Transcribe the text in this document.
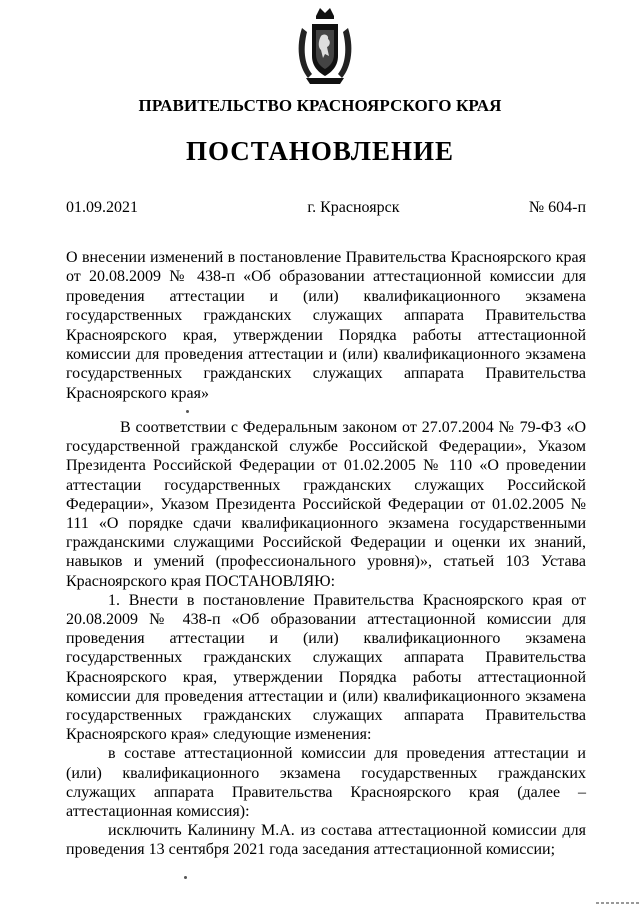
ПРАВИТЕЛЬСТВО КРАСНОЯРСКОГО КРАЯ
ПОСТАНОВЛЕНИЕ
01.09.2021	г. Красноярск	№ 604-п
О внесении изменений в постановление Правительства Красноярского края от 20.08.2009 № 438-п «Об образовании аттестационной комиссии для проведения аттестации и (или) квалификационного экзамена государственных гражданских служащих аппарата Правительства Красноярского края, утверждении Порядка работы аттестационной комиссии для проведения аттестации и (или) квалификационного экзамена государственных гражданских служащих аппарата Правительства Красноярского края»

В соответствии с Федеральным законом от 27.07.2004 № 79-ФЗ «О государственной гражданской службе Российской Федерации», Указом Президента Российской Федерации от 01.02.2005 № 110 «О проведении аттестации государственных гражданских служащих Российской Федерации», Указом Президента Российской Федерации от 01.02.2005 № 111 «О порядке сдачи квалификационного экзамена государственными гражданскими служащими Российской Федерации и оценки их знаний, навыков и умений (профессионального уровня)», статьей 103 Устава Красноярского края ПОСТАНОВЛЯЮ:

1. Внести в постановление Правительства Красноярского края от 20.08.2009 № 438-п «Об образовании аттестационной комиссии для проведения аттестации и (или) квалификационного экзамена государственных гражданских служащих аппарата Правительства Красноярского края, утверждении Порядка работы аттестационной комиссии для проведения аттестации и (или) квалификационного экзамена государственных гражданских служащих аппарата Правительства Красноярского края» следующие изменения:

в составе аттестационной комиссии для проведения аттестации и (или) квалификационного экзамена государственных гражданских служащих аппарата Правительства Красноярского края (далее – аттестационная комиссия):

исключить Калинину М.А. из состава аттестационной комиссии для проведения 13 сентября 2021 года заседания аттестационной комиссии;
